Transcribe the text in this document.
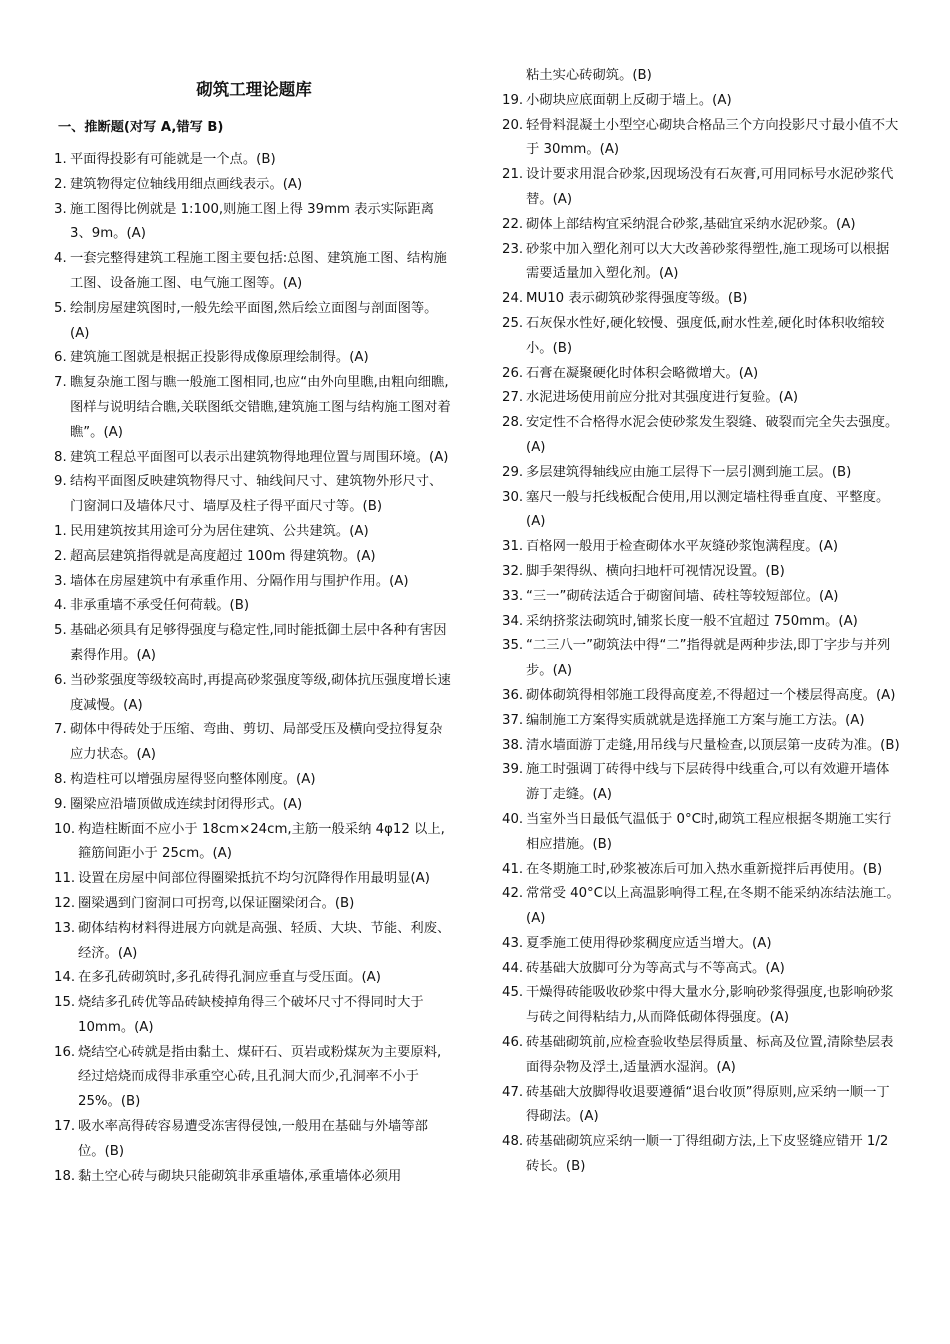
砌筑工理论题库

一、推断题(对写 A,错写 B)

1. 平面得投影有可能就是一个点。(B)
2. 建筑物得定位轴线用细点画线表示。(A)
3. 施工图得比例就是 1:100,则施工图上得 39mm 表示实际距离 3、9m。(A)
4. 一套完整得建筑工程施工图主要包括:总图、建筑施工图、结构施工图、设备施工图、电气施工图等。(A)
5. 绘制房屋建筑图时,一般先绘平面图,然后绘立面图与剖面图等。(A)
6. 建筑施工图就是根据正投影得成像原理绘制得。(A)
7. 瞧复杂施工图与瞧一般施工图相同,也应“由外向里瞧,由粗向细瞧,图样与说明结合瞧,关联图纸交错瞧,建筑施工图与结构施工图对着瞧”。(A)
8. 建筑工程总平面图可以表示出建筑物得地理位置与周围环境。(A)
9. 结构平面图反映建筑物得尺寸、轴线间尺寸、建筑物外形尺寸、门窗洞口及墙体尺寸、墙厚及柱子得平面尺寸等。(B)
1. 民用建筑按其用途可分为居住建筑、公共建筑。(A)
2. 超高层建筑指得就是高度超过 100m 得建筑物。(A)
3. 墙体在房屋建筑中有承重作用、分隔作用与围护作用。(A)
4. 非承重墙不承受任何荷载。(B)
5. 基础必须具有足够得强度与稳定性,同时能抵御土层中各种有害因素得作用。(A)
6. 当砂浆强度等级较高时,再提高砂浆强度等级,砌体抗压强度增长速度减慢。(A)
7. 砌体中得砖处于压缩、弯曲、剪切、局部受压及横向受拉得复杂应力状态。(A)
8. 构造柱可以增强房屋得竖向整体刚度。(A)
9. 圈梁应沿墙顶做成连续封闭得形式。(A)
10. 构造柱断面不应小于 18cm×24cm,主筋一般采纳 4φ12 以上,箍筋间距小于 25cm。(A)
11. 设置在房屋中间部位得圈梁抵抗不均匀沉降得作用最明显(A)
12. 圈梁遇到门窗洞口可拐弯,以保证圈梁闭合。(B)
13. 砌体结构材料得进展方向就是高强、轻质、大块、节能、利废、经济。(A)
14. 在多孔砖砌筑时,多孔砖得孔洞应垂直与受压面。(A)
15. 烧结多孔砖优等品砖缺棱掉角得三个破坏尺寸不得同时大于 10mm。(A)
16. 烧结空心砖就是指由黏土、煤矸石、页岩或粉煤灰为主要原料,经过焙烧而成得非承重空心砖,且孔洞大而少,孔洞率不小于 25%。(B)
17. 吸水率高得砖容易遭受冻害得侵蚀,一般用在基础与外墙等部位。(B)
18. 黏土空心砖与砌块只能砌筑非承重墙体,承重墙体必须用
粘土实心砖砌筑。(B)
19. 小砌块应底面朝上反砌于墙上。(A)
20. 轻骨料混凝土小型空心砌块合格品三个方向投影尺寸最小值不大于 30mm。(A)
21. 设计要求用混合砂浆,因现场没有石灰膏,可用同标号水泥砂浆代替。(A)
22. 砌体上部结构宜采纳混合砂浆,基础宜采纳水泥砂浆。(A)
23. 砂浆中加入塑化剂可以大大改善砂浆得塑性,施工现场可以根据需要适量加入塑化剂。(A)
24. MU10 表示砌筑砂浆得强度等级。(B)
25. 石灰保水性好,硬化较慢、强度低,耐水性差,硬化时体积收缩较小。(B)
26. 石膏在凝聚硬化时体积会略微增大。(A)
27. 水泥进场使用前应分批对其强度进行复验。(A)
28. 安定性不合格得水泥会使砂浆发生裂缝、破裂而完全失去强度。(A)
29. 多层建筑得轴线应由施工层得下一层引测到施工层。(B)
30. 塞尺一般与托线板配合使用,用以测定墙柱得垂直度、平整度。(A)
31. 百格网一般用于检查砌体水平灰缝砂浆饱满程度。(A)
32. 脚手架得纵、横向扫地杆可视情况设置。(B)
33. “三一”砌砖法适合于砌窗间墙、砖柱等较短部位。(A)
34. 采纳挤浆法砌筑时,铺浆长度一般不宜超过 750mm。(A)
35. “二三八一”砌筑法中得“二”指得就是两种步法,即丁字步与并列步。(A)
36. 砌体砌筑得相邻施工段得高度差,不得超过一个楼层得高度。(A)
37. 编制施工方案得实质就就是选择施工方案与施工方法。(A)
38. 清水墙面游丁走缝,用吊线与尺量检查,以顶层第一皮砖为准。(B)
39. 施工时强调丁砖得中线与下层砖得中线重合,可以有效避开墙体游丁走缝。(A)
40. 当室外当日最低气温低于 0°C时,砌筑工程应根据冬期施工实行相应措施。(B)
41. 在冬期施工时,砂浆被冻后可加入热水重新搅拌后再使用。(B)
42. 常常受 40°C以上高温影响得工程,在冬期不能采纳冻结法施工。(A)
43. 夏季施工使用得砂浆稠度应适当增大。(A)
44. 砖基础大放脚可分为等高式与不等高式。(A)
45. 干燥得砖能吸收砂浆中得大量水分,影响砂浆得强度,也影响砂浆与砖之间得粘结力,从而降低砌体得强度。(A)
46. 砖基础砌筑前,应检查验收垫层得质量、标高及位置,清除垫层表面得杂物及浮土,适量洒水湿润。(A)
47. 砖基础大放脚得收退要遵循“退台收顶”得原则,应采纳一顺一丁得砌法。(A)
48. 砖基础砌筑应采纳一顺一丁得组砌方法,上下皮竖缝应错开 1/2 砖长。(B)
